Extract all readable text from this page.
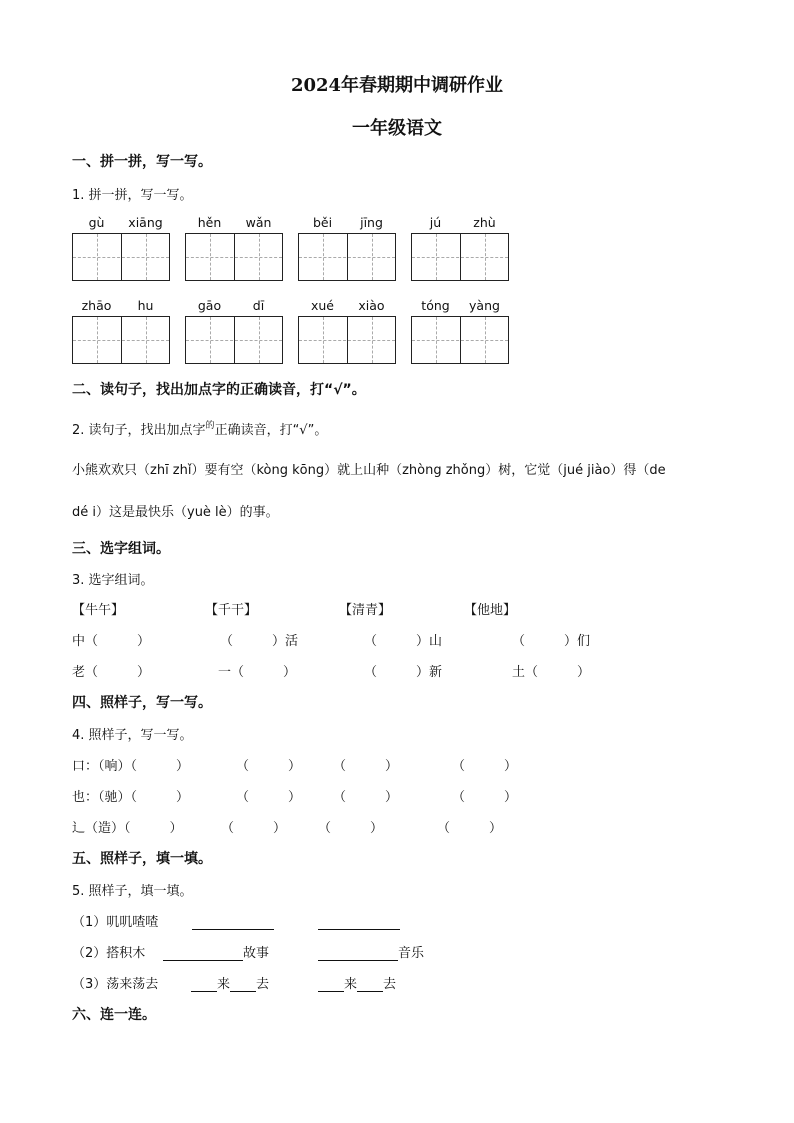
2024年春期期中调研作业
一年级语文
一、拼一拼，写一写。
1. 拼一拼，写一写。
gù	xiāng	hěn	wǎn	běi	jīng	jú	zhù
zhāo	hu	gāo	dī	xué	xiào	tóng	yàng
二、读句子，找出加点字的正确读音，打“√”。
2. 读句子，找出加点字$^的$正确读音，打“√”。
小熊欢欢只（zhī zhǐ）要有空（kòng kōng）就上山种（zhòng zhǒng）树，它觉（jué jiào）得（de
dé i）这是最快乐（yuè lè）的事。
三、选字组词。
3. 选字组词。
【牛午】	【千干】	【清青】	【他地】
中（　　　）	（　　　）活	（　　　）山	（　　　）们
老（　　　）	一（　　　）	（　　　）新	土（　　　）
四、照样子，写一写。
4. 照样子，写一写。
口：（响）（　　　）	（　　　） （　　　）	（　　　）
也：（驰）（　　　）	（　　　） （　　　）	（　　　）
辶（造）（　　　）	（　　　） （　　　）	（　　　）
五、照样子，填一填。
5. 照样子，填一填。
（1）叽叽喳喳
（2）搭积木	故事	音乐
（3）荡来荡去	来 去	来 去
六、连一连。
